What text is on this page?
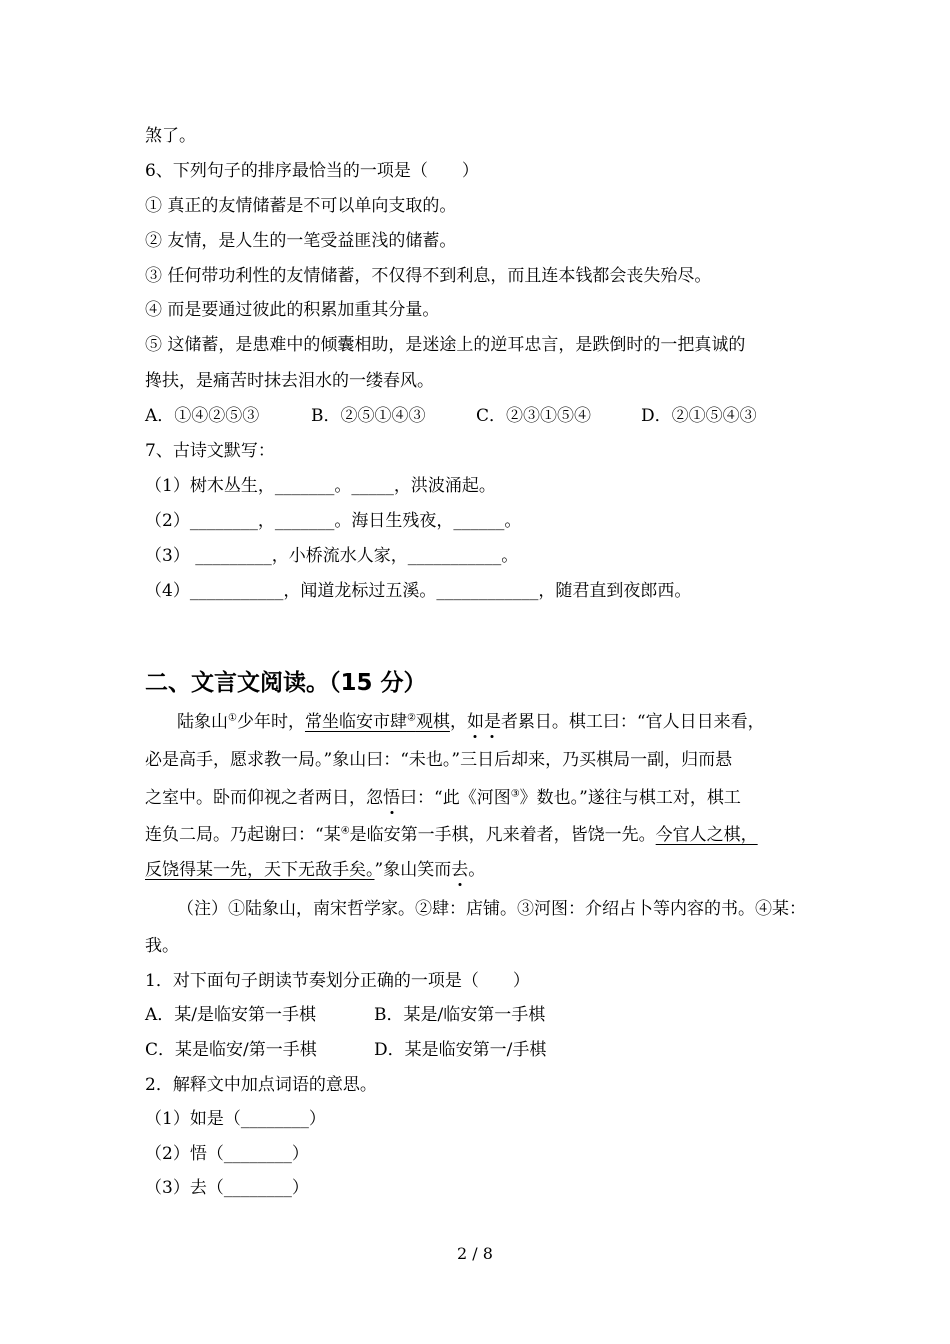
煞了。
6、下列句子的排序最恰当的一项是（　　）
① 真正的友情储蓄是不可以单向支取的。
② 友情，是人生的一笔受益匪浅的储蓄。
③ 任何带功利性的友情储蓄，不仅得不到利息，而且连本钱都会丧失殆尽。
④ 而是要通过彼此的积累加重其分量。
⑤ 这储蓄，是患难中的倾囊相助，是迷途上的逆耳忠言，是跌倒时的一把真诚的
搀扶，是痛苦时抹去泪水的一缕春风。
A．①④②⑤③	B．②⑤①④③	C．②③①⑤④	D．②①⑤④③
7、古诗文默写：
（1）树木丛生，_______。_____，洪波涌起。
（2）________，_______。海日生残夜，______。
（3） _________，小桥流水人家，___________。
（4）___________，闻道龙标过五溪。____________，随君直到夜郎西。
二、文言文阅读。（15 分）
陆象山①少年时，常坐临安市肆②观棋，如是者累日。棋工曰：“官人日日来看，
必是高手，愿求教一局。”象山曰：“未也。”三日后却来，乃买棋局一副，归而悬
之室中。卧而仰视之者两日，忽悟曰：“此《河图③》数也。”遂往与棋工对，棋工
连负二局。乃起谢曰：“某④是临安第一手棋，凡来着者，皆饶一先。今官人之棋，
反饶得某一先，天下无敌手矣。”象山笑而去。
（注）①陆象山，南宋哲学家。②肆：店铺。③河图：介绍占卜等内容的书。④某：
我。
1．对下面句子朗读节奏划分正确的一项是（　　）
A．某/是临安第一手棋	B．某是/临安第一手棋
C．某是临安/第一手棋	D．某是临安第一/手棋
2．解释文中加点词语的意思。
（1）如是（________）
（2）悟（________）
（3）去（________）
2 / 8
